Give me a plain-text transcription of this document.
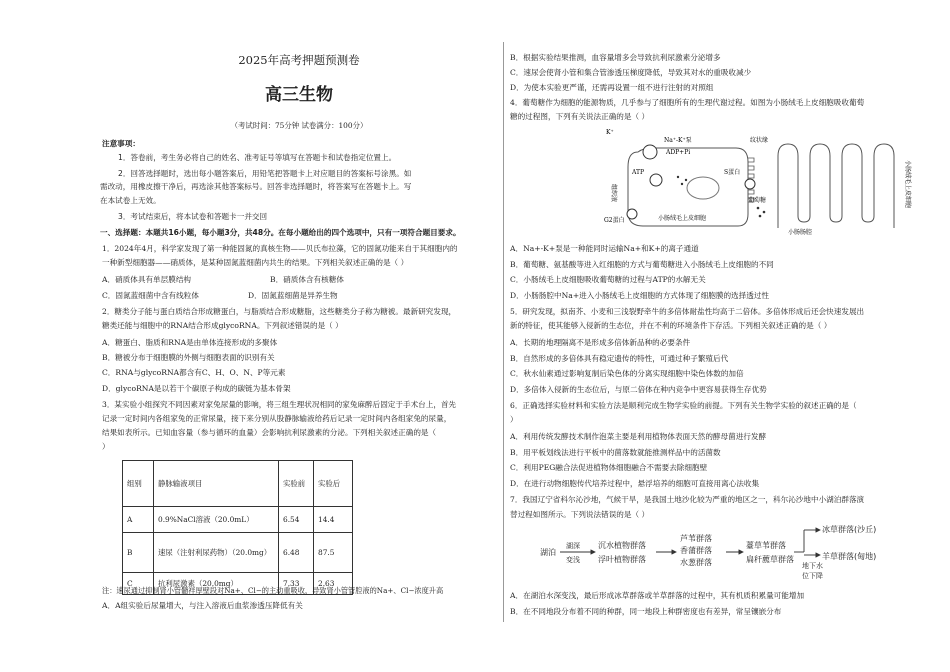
2025年高考押题预测卷
高三生物
（考试时间：75分钟 试卷满分：100分）
注意事项：
1．答卷前，考生务必将自己的姓名、准考证号等填写在答题卡和试卷指定位置上。
2．回答选择题时，选出每小题答案后，用铅笔把答题卡上对应题目的答案标号涂黑。如
需改动，用橡皮擦干净后，再选涂其他答案标号。回答非选择题时，将答案写在答题卡上。写
在本试卷上无效。
3．考试结束后，将本试卷和答题卡一并交回
一、选择题：本题共16小题，每小题3分，共48分。在每小题给出的四个选项中，只有一项符合题目要求。
1．2024年4月，科学家发现了第一种能固氮的真核生物——贝氏布拉藻，它的固氮功能来自于其细胞内的
一种新型细胞器——硝质体，是某种固氮蓝细菌内共生的结果。下列相关叙述正确的是（ ）
A．硝质体具有单层膜结构	B．硝质体含有核糖体
C．固氮蓝细菌中含有线粒体	D．固氮蓝细菌是异养生物
2．糖类分子能与蛋白质结合形成糖蛋白，与脂质结合形成糖脂，这些糖类分子称为糖被。最新研究发现，
糖类还能与细胞中的RNA结合形成glycoRNA。下列叙述错误的是（ ）
A．糖蛋白、脂质和RNA是由单体连接形成的多聚体
B．糖被分布于细胞膜的外侧与细胞表面的识别有关
C．RNA与glycoRNA都含有C、H、O、N、P等元素
D．glycoRNA是以若干个碳原子构成的碳链为基本骨架
3．某实验小组探究不同因素对家兔尿量的影响，将三组生理状况相同的家兔麻醉后固定于手术台上，首先
记录一定时间内各组家兔的正常尿量，接下来分别从股静脉输液给药后记录一定时间内各组家兔的尿量，
结果如表所示。已知血容量（参与循环的血量）会影响抗利尿激素的分泌。下列相关叙述正确的是（
）
组别	静脉输液项目	实验前	实验后
A	0.9%NaCl溶液（20.0mL）	6.54	14.4
B	速尿（注射利尿药物）（20.0mg）	6.48	87.5
C	抗利尿激素（20.0mg）	7.33	2.63
注：速尿通过抑制肾小管髓袢厚壁段对Na+、Cl−的主动重吸收，导致肾小管管腔液的Na+、Cl−浓度升高
A．A组实验后尿量增大，与注入溶液后血浆渗透压降低有关
B．根据实验结果推测，血容量增多会导致抗利尿激素分泌增多
C．速尿会使肾小管和集合管渗透压梯度降低，导致其对水的重吸收减少
D．为使本实验更严谨，还需再设置一组不进行注射的对照组
4．葡萄糖作为细胞的能源物质，几乎参与了细胞所有的生理代谢过程。如图为小肠绒毛上皮细胞吸收葡萄
糖的过程图，下列有关说法正确的是（ ）
K⁺
Na⁺-K⁺泵
ADP+Pi
ATP	S蛋白
G2蛋白
纹状缘
小肠绒毛上皮细胞
葡萄糖
小肠肠腔
组织液	小肠绒毛上皮细胞
A．Na+-K+泵是一种能同时运输Na+和K+的离子通道
B．葡萄糖、氨基酸等进入红细胞的方式与葡萄糖进入小肠绒毛上皮细胞的不同
C．小肠绒毛上皮细胞吸收葡萄糖的过程与ATP的水解无关
D．小肠肠腔中Na+进入小肠绒毛上皮细胞的方式体现了细胞膜的选择透过性
5．研究发现，拟南芥、小麦和三浅裂野牵牛的多倍体耐盐性均高于二倍体。多倍体形成后还会快速发展出
新的特征，使其能够入侵新的生态位，并在不利的环境条件下存活。下列相关叙述正确的是（ ）
A．长期的地理隔离不是形成多倍体新品种的必要条件
B．自然形成的多倍体具有稳定遗传的特性，可通过种子繁殖后代
C．秋水仙素通过影响复制后染色体的分离实现细胞中染色体数的加倍
D．多倍体入侵新的生态位后，与原二倍体在种内竞争中更容易获得生存优势
6．正确选择实验材料和实验方法是顺利完成生物学实验的前提。下列有关生物学实验的叙述正确的是（
）
A．利用传统发酵技术制作泡菜主要是利用植物体表面天然的酵母菌进行发酵
B．用平板划线法进行平板中的菌落数就能推测样品中的活菌数
C．利用PEG融合法促进植物体细胞融合不需要去除细胞壁
D．在进行动物细胞传代培养过程中，悬浮培养的细胞可直接用离心法收集
7．我国辽宁省科尔沁沙地，气候干旱，是我国土地沙化较为严重的地区之一，科尔沁沙地中小湖泊群落演
替过程如图所示。下列说法错误的是（ ）
湖泊
湖深
变浅
沉水植物群落
浮叶植物群落
芦苇群落
香蒲群落
水葱群落
薹草苇群落
扁秆藨草群落
地下水
位下降
冰草群落(沙丘)
羊草群落(甸地)
A．在湖泊水深变浅，最后形成冰草群落或羊草群落的过程中，其有机质积累量可能增加
B．在不同地段分布着不同的种群，同一地段上种群密度也有差异，常呈镶嵌分布
